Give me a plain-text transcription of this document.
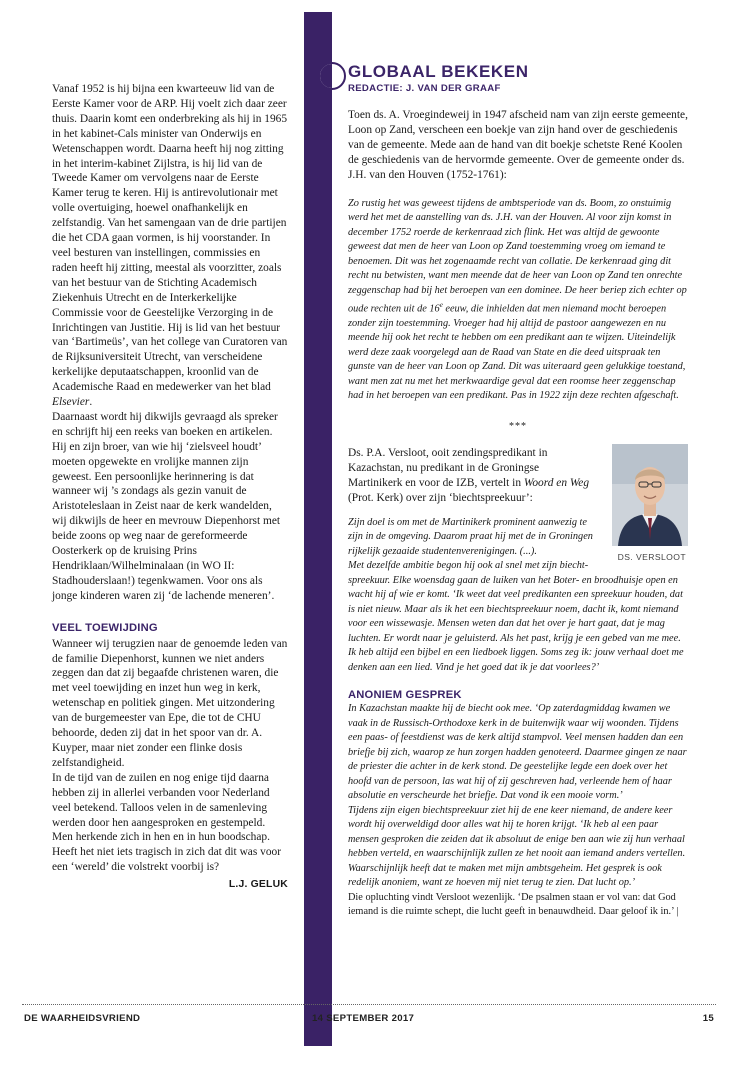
Vanaf 1952 is hij bijna een kwarteeuw lid van de Eerste Kamer voor de ARP. Hij voelt zich daar zeer thuis. Daarin komt een onderbreking als hij in 1965 in het kabinet-Cals minister van Onderwijs en Wetenschappen wordt. Daarna heeft hij nog zitting in het interim-kabinet Zijlstra, is hij lid van de Tweede Kamer om vervolgens naar de Eerste Kamer terug te keren. Hij is antirevolutionair met volle overtuiging, hoewel onafhankelijk en zelfstandig. Van het samengaan van de drie partijen die het CDA gaan vormen, is hij voorstander. In veel besturen van instellingen, commissies en raden heeft hij zitting, meestal als voorzitter, zoals van het bestuur van de Stichting Academisch Ziekenhuis Utrecht en de Interkerkelijke Commissie voor de Geestelijke Verzorging in de Inrichtingen van Justitie. Hij is lid van het bestuur van ‘Bartimeüs’, van het college van Curatoren van de Rijksuniversiteit Utrecht, van verscheidene kerkelijke deputaatschappen, kroonlid van de Academische Raad en medewerker van het blad Elsevier.

Daarnaast wordt hij dikwijls gevraagd als spreker en schrijft hij een reeks van boeken en artikelen. Hij en zijn broer, van wie hij ‘zielsveel houdt’ moeten opgewekte en vrolijke mannen zijn geweest. Een persoonlijke herinnering is dat wanneer wij ’s zondags als gezin vanuit de Aristoteleslaan in Zeist naar de kerk wandelden, wij dikwijls de heer en mevrouw Diepenhorst met beide zoons op weg naar de gereformeerde Oosterkerk op de kruising Prins Hendriklaan/Wilhelminalaan (in WO II: Stadhouderslaan!) tegenkwamen. Voor ons als jonge kinderen waren zij ‘de lachende meneren’.

VEEL TOEWIJDING

Wanneer wij terugzien naar de genoemde leden van de familie Diepenhorst, kunnen we niet anders zeggen dan dat zij begaafde christenen waren, die met veel toewijding en inzet hun weg in kerk, wetenschap en politiek gingen. Met uitzondering van de burgemeester van Epe, die tot de CHU behoorde, deden zij dat in het spoor van dr. A. Kuyper, maar niet zonder een flinke dosis zelfstandigheid.

In de tijd van de zuilen en nog enige tijd daarna hebben zij in allerlei verbanden voor Nederland veel betekend. Talloos velen in de samenleving werden door hen aangesproken en gestempeld. Men herkende zich in hen en in hun boodschap. Heeft het niet iets tragisch in zich dat dit was voor een ‘wereld’ die volstrekt voorbij is?

L.J. GELUK
GLOBAAL BEKEKEN
REDACTIE: J. VAN DER GRAAF

Toen ds. A. Vroegindeweij in 1947 afscheid nam van zijn eerste gemeente, Loon op Zand, verscheen een boekje van zijn hand over de geschiedenis van de gemeente. Mede aan de hand van dit boekje schetste René Koolen de geschiedenis van de hervormde gemeente. Over de gemeente onder ds. J.H. van den Houven (1752-1761):

Zo rustig het was geweest tijdens de ambtsperiode van ds. Boom, zo onstuimig werd het met de aanstelling van ds. J.H. van der Houven. Al voor zijn komst in december 1752 roerde de kerkenraad zich flink. Het was altijd de gewoonte geweest dat men de heer van Loon op Zand toestemming vroeg om iemand te benoemen. Dit was het zogenaamde recht van collatie. De kerkenraad ging dit recht nu betwisten, want men meende dat de heer van Loon op Zand ten onrechte zeggenschap had bij het beroepen van een dominee. De heer beriep zich echter op oude rechten uit de 16e eeuw, die inhielden dat men niemand mocht beroepen zonder zijn toestemming. Vroeger had hij altijd de pastoor aangewezen en nu meende hij ook het recht te hebben om een predikant aan te wijzen. Uiteindelijk werd deze zaak voorgelegd aan de Raad van State en die deed uitspraak ten gunste van de heer van Loon op Zand. Dit was uiteraard geen gelukkige toestand, want men zat nu met het merkwaardige geval dat een roomse heer zeggenschap had in het beroepen van een predikant. Pas in 1922 zijn deze rechten afgeschaft.

***

Ds. P.A. Versloot, ooit zendingspredikant in Kazachstan, nu predikant in de Groningse Martinikerk en voor de IZB, vertelt in Woord en Weg (Prot. Kerk) over zijn ‘biechtspreekuur’:

DS. VERSLOOT

Zijn doel is om met de Martinikerk prominent aanwezig te zijn in de omgeving. Daarom praat hij met de in Groningen rijkelijk gezaaide studentenverenigingen. (...).

Met dezelfde ambitie begon hij ook al snel met zijn biecht-

spreekuur. Elke woensdag gaan de luiken van het Boter- en broodhuisje open en wacht hij af wie er komt. ‘Ik weet dat veel predikanten een spreekuur houden, dat is niet nieuw. Maar als ik het een biechtspreekuur noem, dacht ik, komt niemand voor een wissewasje. Mensen weten dan dat het over je hart gaat, dat je mag luchten. Er wordt naar je geluisterd. Als het past, krijg je een gebed van me mee. Ik heb altijd een bijbel en een liedboek liggen. Soms zeg ik: jouw verhaal doet me denken aan een lied. Vind je het goed dat ik je dat voorlees?’

ANONIEM GESPREK

In Kazachstan maakte hij de biecht ook mee. ‘Op zaterdagmiddag kwamen we vaak in de Russisch-Orthodoxe kerk in de buitenwijk waar wij woonden. Tijdens een paas- of feestdienst was de kerk altijd stampvol. Veel mensen hadden dan een briefje bij zich, waarop ze hun zorgen hadden genoteerd. Daarmee gingen ze naar de priester die achter in de kerk stond. De geestelijke legde een doek over het hoofd van de persoon, las wat hij of zij geschreven had, verleende hem of haar absolutie en verscheurde het briefje. Dat vond ik een mooie vorm.’

Tijdens zijn eigen biechtspreekuur ziet hij de ene keer niemand, de andere keer wordt hij overweldigd door alles wat hij te horen krijgt. ‘Ik heb al een paar mensen gesproken die zeiden dat ik absoluut de enige ben aan wie zij hun verhaal hebben verteld, en waarschijnlijk zullen ze het nooit aan iemand anders vertellen. Waarschijnlijk heeft dat te maken met mijn ambtsgeheim. Het gesprek is ook redelijk anoniem, want ze hoeven mij niet terug te zien. Dat lucht op.’

Die opluchting vindt Versloot wezenlijk. ‘De psalmen staan er vol van: dat God iemand is die ruimte schept, die lucht geeft in benauwdheid. Daar geloof ik in.’ |

DE WAARHEIDSVRIEND	14 SEPTEMBER 2017	15
